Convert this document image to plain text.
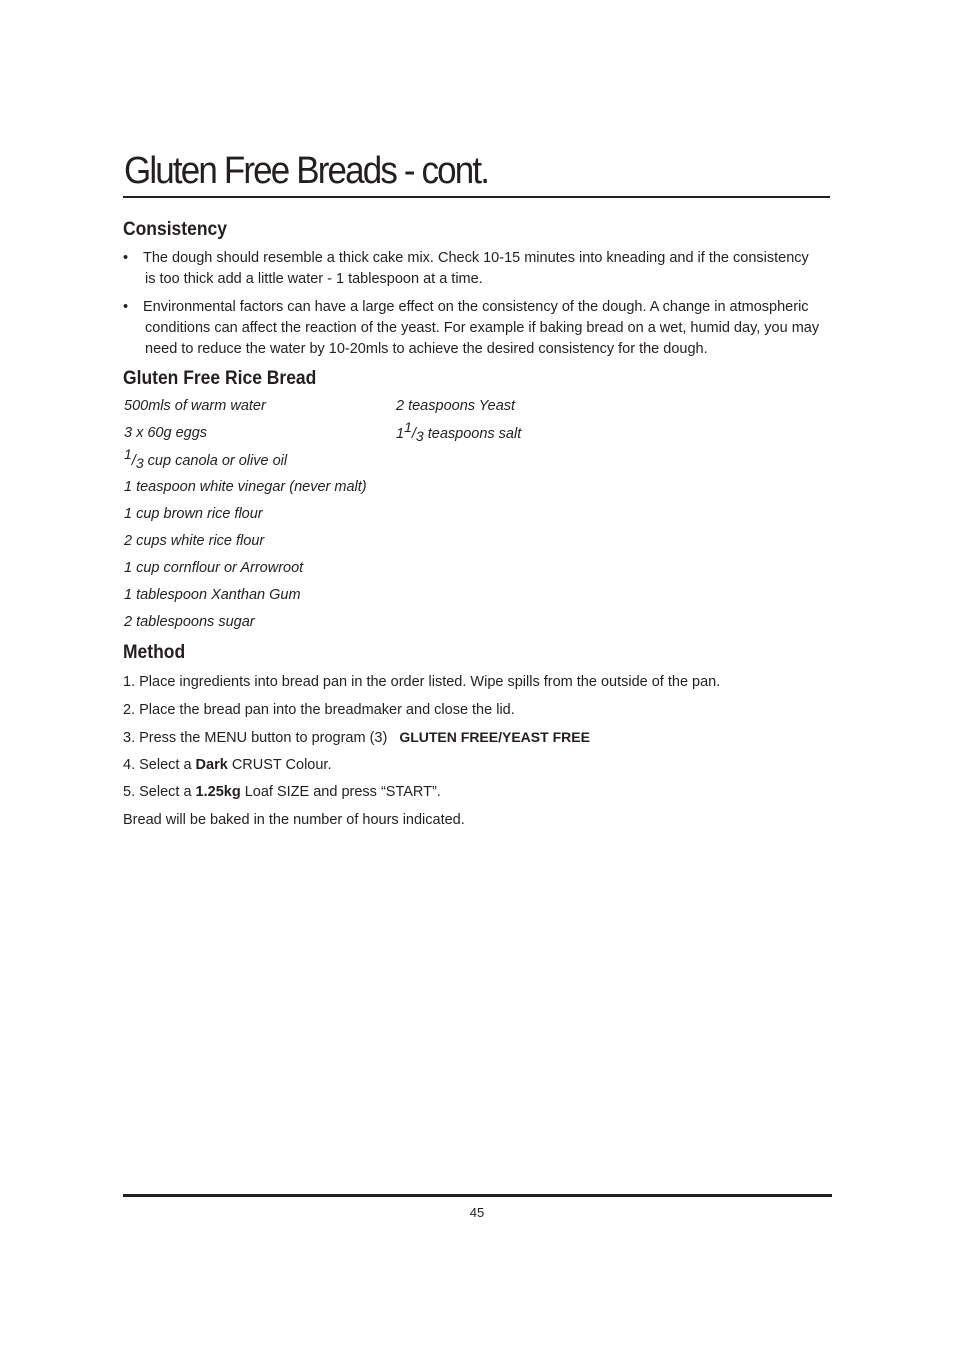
Gluten Free Breads - cont.
Consistency
•	The dough should resemble a thick cake mix. Check 10-15 minutes into kneading and if the consistency is too thick add a little water - 1 tablespoon at a time.
•	Environmental factors can have a large effect on the consistency of the dough. A change in atmospheric conditions can affect the reaction of the yeast. For example if baking bread on a wet, humid day, you may need to reduce the water by 10-20mls to achieve the desired consistency for the dough.
Gluten Free Rice Bread
500mls of warm water
3 x 60g eggs
1/3 cup canola or olive oil
1 teaspoon white vinegar (never malt)
1 cup brown rice flour
2 cups white rice flour
1 cup cornflour or Arrowroot
1 tablespoon Xanthan Gum
2 tablespoons sugar
2 teaspoons Yeast
11/3 teaspoons salt
Method
1. Place ingredients into bread pan in the order listed. Wipe spills from the outside of the pan.
2. Place the bread pan into the breadmaker and close the lid.
3. Press the MENU button to program (3) GLUTEN FREE/YEAST FREE
4. Select a Dark CRUST Colour.
5. Select a 1.25kg Loaf SIZE and press “START”.
Bread will be baked in the number of hours indicated.
45
